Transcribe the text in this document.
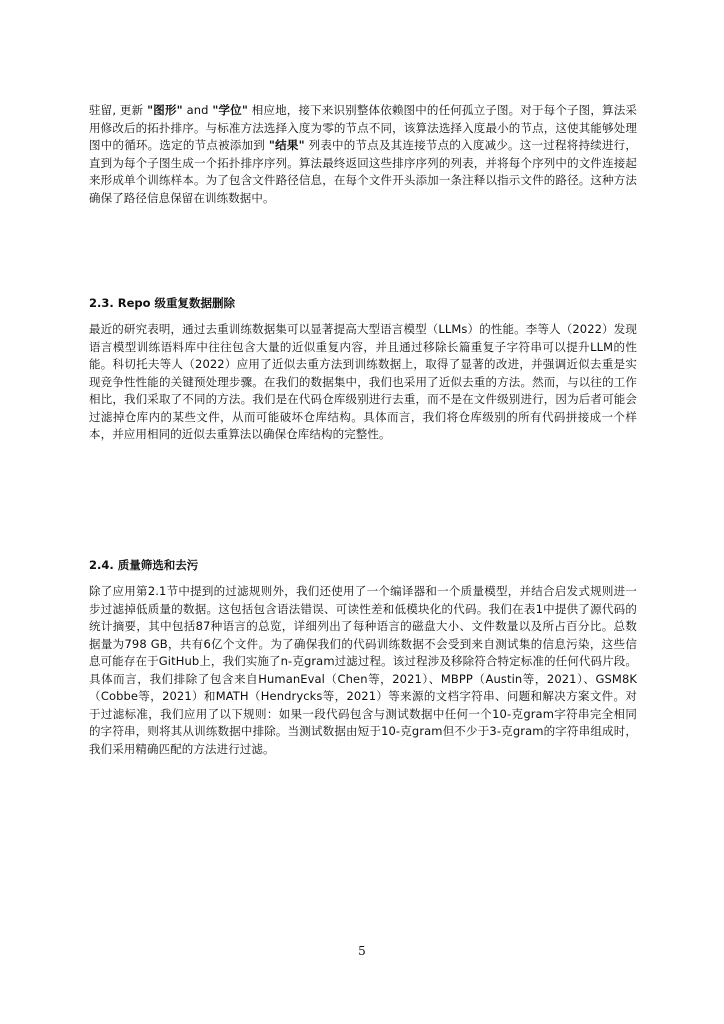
驻留, 更新 "图形" and "学位" 相应地，接下来识别整体依赖图中的任何孤立子图。对于每个子图，算法采用修改后的拓扑排序。与标准方法选择入度为零的节点不同，该算法选择入度最小的节点，这使其能够处理图中的循环。选定的节点被添加到 "结果" 列表中的节点及其连接节点的入度减少。这一过程将持续进行，直到为每个子图生成一个拓扑排序序列。算法最终返回这些排序序列的列表，并将每个序列中的文件连接起来形成单个训练样本。为了包含文件路径信息，在每个文件开头添加一条注释以指示文件的路径。这种方法确保了路径信息保留在训练数据中。

2.3. Repo 级重复数据删除

最近的研究表明，通过去重训练数据集可以显著提高大型语言模型（LLMs）的性能。李等人（2022）发现语言模型训练语料库中往往包含大量的近似重复内容，并且通过移除长篇重复子字符串可以提升LLM的性能。科切托夫等人（2022）应用了近似去重方法到训练数据上，取得了显著的改进，并强调近似去重是实现竞争性性能的关键预处理步骤。在我们的数据集中，我们也采用了近似去重的方法。然而，与以往的工作相比，我们采取了不同的方法。我们是在代码仓库级别进行去重，而不是在文件级别进行，因为后者可能会过滤掉仓库内的某些文件，从而可能破坏仓库结构。具体而言，我们将仓库级别的所有代码拼接成一个样本，并应用相同的近似去重算法以确保仓库结构的完整性。

2.4. 质量筛选和去污

除了应用第2.1节中提到的过滤规则外，我们还使用了一个编译器和一个质量模型，并结合启发式规则进一步过滤掉低质量的数据。这包括包含语法错误、可读性差和低模块化的代码。我们在表1中提供了源代码的统计摘要，其中包括87种语言的总览，详细列出了每种语言的磁盘大小、文件数量以及所占百分比。总数据量为798 GB，共有6亿个文件。为了确保我们的代码训练数据不会受到来自测试集的信息污染，这些信息可能存在于GitHub上，我们实施了n-克gram过滤过程。该过程涉及移除符合特定标准的任何代码片段。具体而言，我们排除了包含来自HumanEval（Chen等，2021）、MBPP（Austin等，2021）、GSM8K（Cobbe等，2021）和MATH（Hendrycks等，2021）等来源的文档字符串、问题和解决方案文件。对于过滤标准，我们应用了以下规则：如果一段代码包含与测试数据中任何一个10-克gram字符串完全相同的字符串，则将其从训练数据中排除。当测试数据由短于10-克gram但不少于3-克gram的字符串组成时，我们采用精确匹配的方法进行过滤。

5
